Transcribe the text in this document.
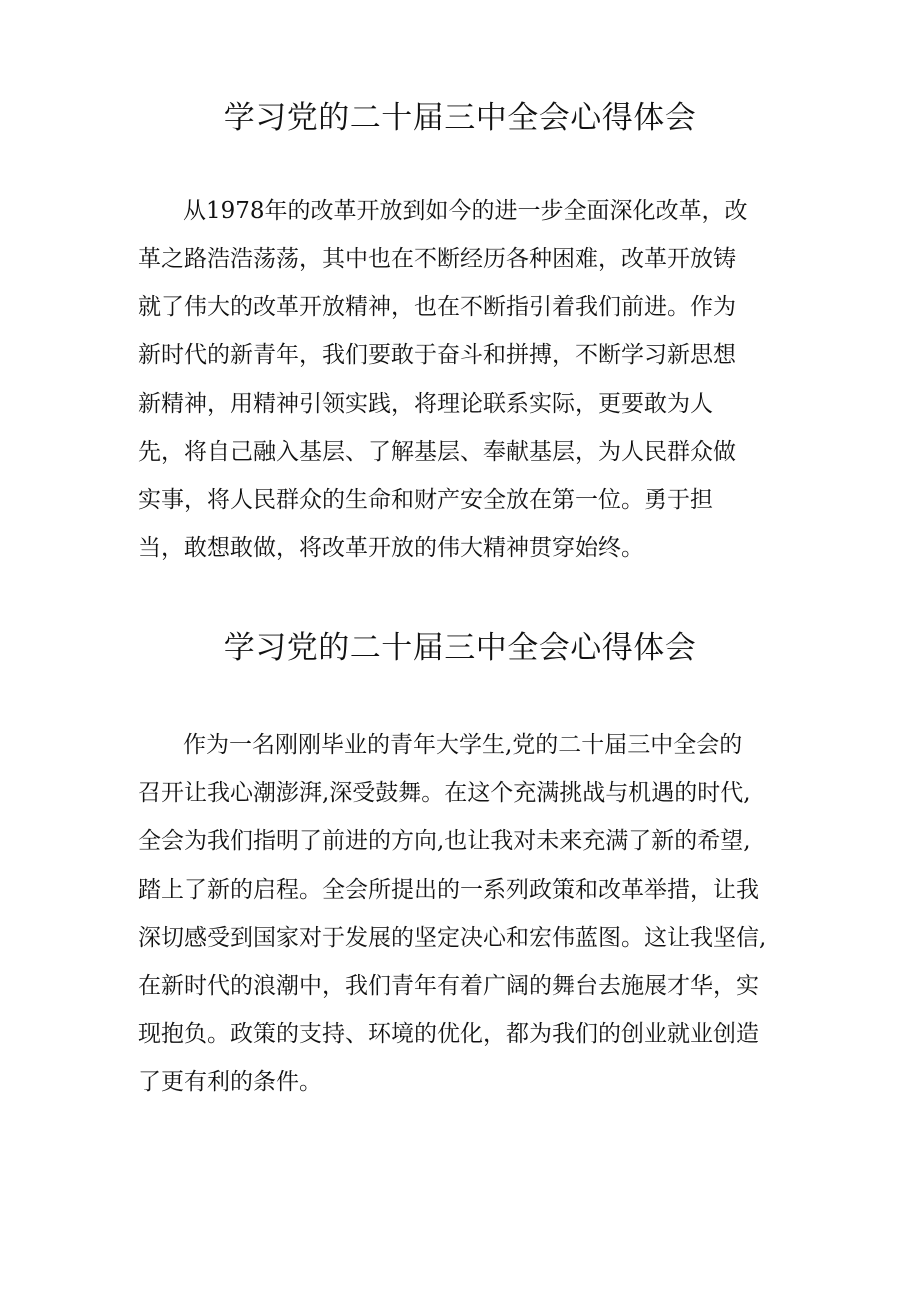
学习党的二十届三中全会心得体会
从1978年的改革开放到如今的进一步全面深化改革，改
革之路浩浩荡荡，其中也在不断经历各种困难，改革开放铸
就了伟大的改革开放精神，也在不断指引着我们前进。作为
新时代的新青年，我们要敢于奋斗和拼搏，不断学习新思想
新精神，用精神引领实践，将理论联系实际，更要敢为人
先，将自己融入基层、了解基层、奉献基层，为人民群众做
实事，将人民群众的生命和财产安全放在第一位。勇于担
当，敢想敢做，将改革开放的伟大精神贯穿始终。
学习党的二十届三中全会心得体会
作为一名刚刚毕业的青年大学生,党的二十届三中全会的
召开让我心潮澎湃,深受鼓舞。在这个充满挑战与机遇的时代,
全会为我们指明了前进的方向,也让我对未来充满了新的希望,
踏上了新的启程。全会所提出的一系列政策和改革举措，让我
深切感受到国家对于发展的坚定决心和宏伟蓝图。这让我坚信,
在新时代的浪潮中，我们青年有着广阔的舞台去施展才华，实
现抱负。政策的支持、环境的优化，都为我们的创业就业创造
了更有利的条件。
